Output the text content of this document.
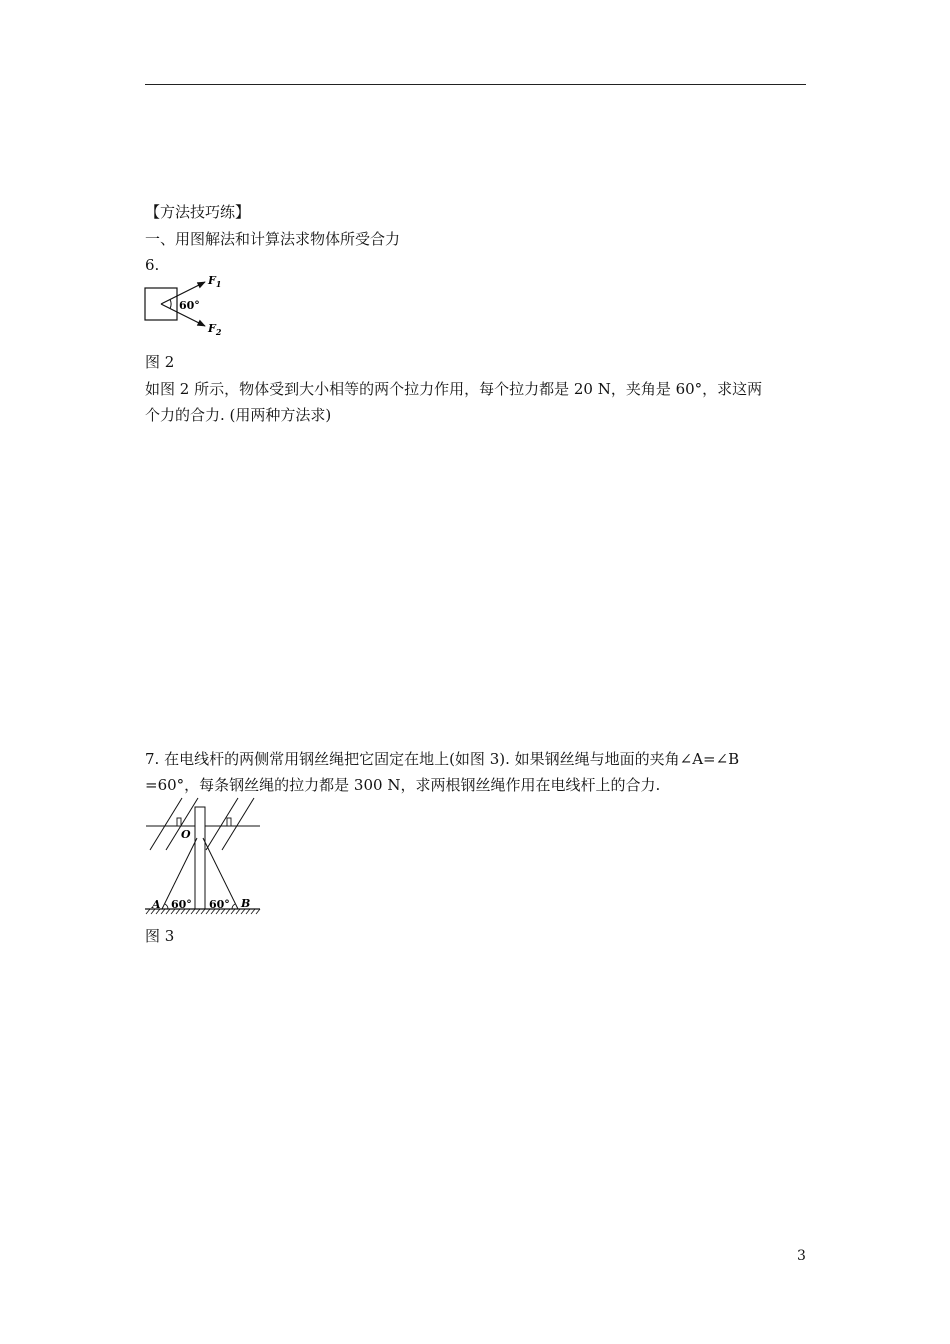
【方法技巧练】
一、用图解法和计算法求物体所受合力
6.
$F_1$
$F_2$
60°
图 2
如图 2 所示，物体受到大小相等的两个拉力作用，每个拉力都是 20 N，夹角是 60°，求这两
个力的合力. (用两种方法求)
7. 在电线杆的两侧常用钢丝绳把它固定在地上(如图 3). 如果钢丝绳与地面的夹角∠A=∠B
=60°，每条钢丝绳的拉力都是 300 N，求两根钢丝绳作用在电线杆上的合力.
O
A	B
60° 60°
图 3
3
